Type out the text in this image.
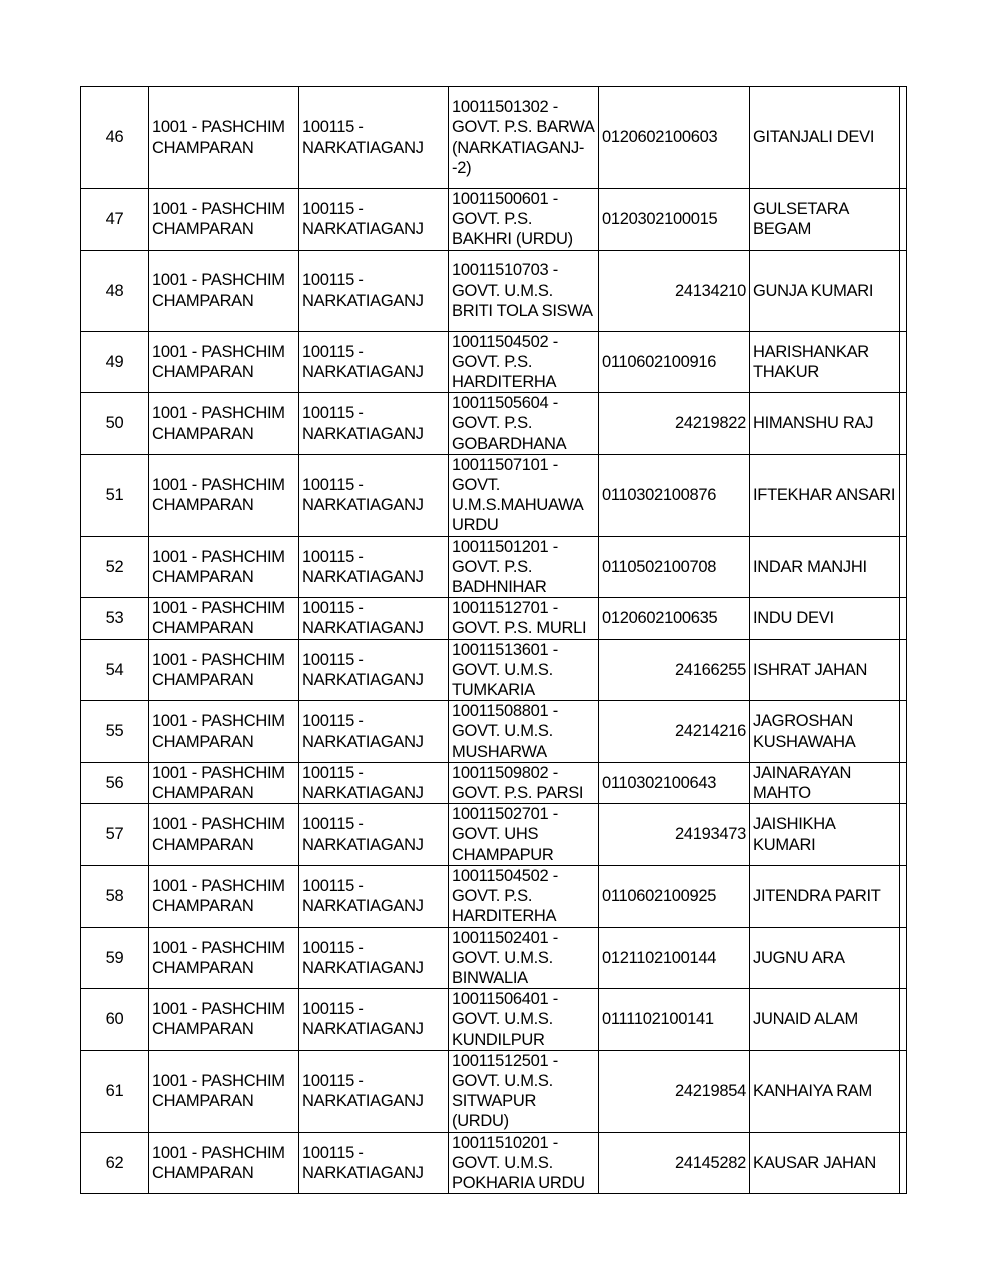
46	1001 - PASHCHIM CHAMPARAN	100115 - NARKATIAGANJ	10011501302 - GOVT. P.S. BARWA (NARKATIAGANJ--2)	0120602100603	GITANJALI DEVI	
47	1001 - PASHCHIM CHAMPARAN	100115 - NARKATIAGANJ	10011500601 - GOVT. P.S. BAKHRI (URDU)	0120302100015	GULSETARA BEGAM	
48	1001 - PASHCHIM CHAMPARAN	100115 - NARKATIAGANJ	10011510703 - GOVT. U.M.S. BRITI TOLA SISWA	24134210	GUNJA KUMARI	
49	1001 - PASHCHIM CHAMPARAN	100115 - NARKATIAGANJ	10011504502 - GOVT. P.S. HARDITERHA	0110602100916	HARISHANKAR THAKUR	
50	1001 - PASHCHIM CHAMPARAN	100115 - NARKATIAGANJ	10011505604 - GOVT. P.S. GOBARDHANA	24219822	HIMANSHU RAJ	
51	1001 - PASHCHIM CHAMPARAN	100115 - NARKATIAGANJ	10011507101 - GOVT. U.M.S.MAHUAWA URDU	0110302100876	IFTEKHAR ANSARI	
52	1001 - PASHCHIM CHAMPARAN	100115 - NARKATIAGANJ	10011501201 - GOVT. P.S. BADHNIHAR	0110502100708	INDAR MANJHI	
53	1001 - PASHCHIM CHAMPARAN	100115 - NARKATIAGANJ	10011512701 - GOVT. P.S. MURLI	0120602100635	INDU DEVI	
54	1001 - PASHCHIM CHAMPARAN	100115 - NARKATIAGANJ	10011513601 - GOVT. U.M.S. TUMKARIA	24166255	ISHRAT JAHAN	
55	1001 - PASHCHIM CHAMPARAN	100115 - NARKATIAGANJ	10011508801 - GOVT. U.M.S. MUSHARWA	24214216	JAGROSHAN KUSHAWAHA	
56	1001 - PASHCHIM CHAMPARAN	100115 - NARKATIAGANJ	10011509802 - GOVT. P.S. PARSI	0110302100643	JAINARAYAN MAHTO	
57	1001 - PASHCHIM CHAMPARAN	100115 - NARKATIAGANJ	10011502701 - GOVT. UHS CHAMPAPUR	24193473	JAISHIKHA KUMARI	
58	1001 - PASHCHIM CHAMPARAN	100115 - NARKATIAGANJ	10011504502 - GOVT. P.S. HARDITERHA	0110602100925	JITENDRA PARIT	
59	1001 - PASHCHIM CHAMPARAN	100115 - NARKATIAGANJ	10011502401 - GOVT. U.M.S. BINWALIA	0121102100144	JUGNU ARA	
60	1001 - PASHCHIM CHAMPARAN	100115 - NARKATIAGANJ	10011506401 - GOVT. U.M.S. KUNDILPUR	0111102100141	JUNAID ALAM	
61	1001 - PASHCHIM CHAMPARAN	100115 - NARKATIAGANJ	10011512501 - GOVT. U.M.S. SITWAPUR (URDU)	24219854	KANHAIYA RAM	
62	1001 - PASHCHIM CHAMPARAN	100115 - NARKATIAGANJ	10011510201 - GOVT. U.M.S. POKHARIA URDU	24145282	KAUSAR JAHAN	
